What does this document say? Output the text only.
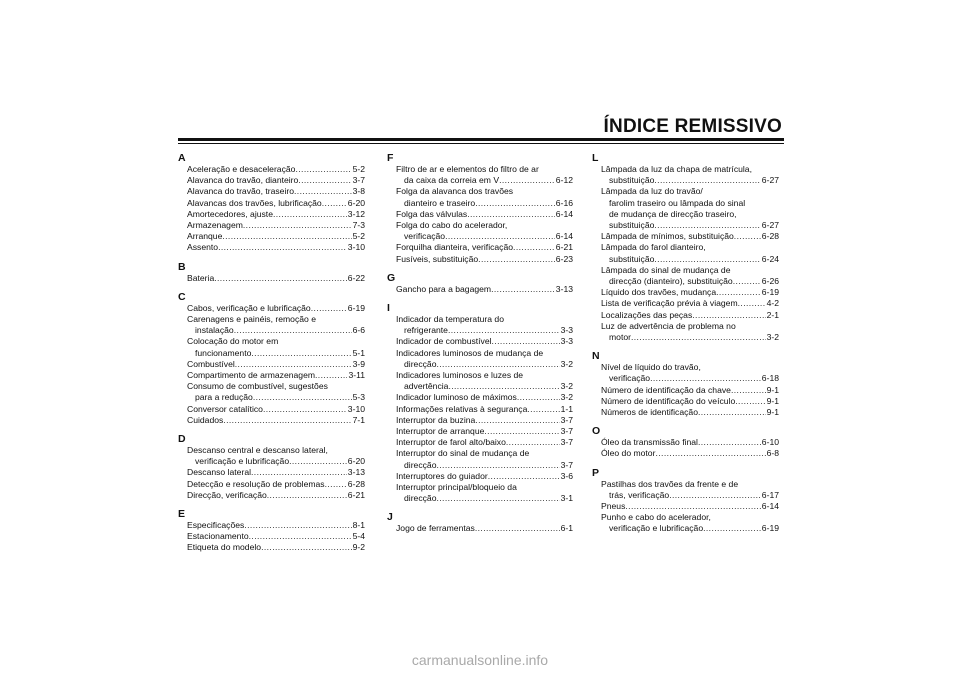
ÍNDICE REMISSIVO
A
Aceleração e desaceleração .....	5-2
Alavanca do travão, dianteiro .....	3-7
Alavanca do travão, traseiro .....	3-8
Alavancas dos travões, lubrificação .....	6-20
Amortecedores, ajuste .....	3-12
Armazenagem .....	7-3
Arranque .....	5-2
Assento .....	3-10
B
Bateria .....	6-22
C
Cabos, verificação e lubrificação .....	6-19
Carenagens e painéis, remoção e
instalação .....	6-6
Colocação do motor em
funcionamento .....	5-1
Combustível .....	3-9
Compartimento de armazenagem .....	3-11
Consumo de combustível, sugestões
para a redução .....	5-3
Conversor catalítico .....	3-10
Cuidados .....	7-1
D
Descanso central e descanso lateral,
verificação e lubrificação .....	6-20
Descanso lateral .....	3-13
Detecção e resolução de problemas .....	6-28
Direcção, verificação .....	6-21
E
Especificações .....	8-1
Estacionamento .....	5-4
Etiqueta do modelo .....	9-2
F
Filtro de ar e elementos do filtro de ar
da caixa da correia em V .....	6-12
Folga da alavanca dos travões
dianteiro e traseiro .....	6-16
Folga das válvulas .....	6-14
Folga do cabo do acelerador,
verificação .....	6-14
Forquilha dianteira, verificação .....	6-21
Fusíveis, substituição .....	6-23
G
Gancho para a bagagem .....	3-13
I
Indicador da temperatura do
refrigerante .....	3-3
Indicador de combustível .....	3-3
Indicadores luminosos de mudança de
direcção .....	3-2
Indicadores luminosos e luzes de
advertência .....	3-2
Indicador luminoso de máximos .....	3-2
Informações relativas à segurança .....	1-1
Interruptor da buzina .....	3-7
Interruptor de arranque .....	3-7
Interruptor de farol alto/baixo .....	3-7
Interruptor do sinal de mudança de
direcção .....	3-7
Interruptores do guiador .....	3-6
Interruptor principal/bloqueio da
direcção .....	3-1
J
Jogo de ferramentas .....	6-1
L
Lâmpada da luz da chapa de matrícula,
substituição .....	6-27
Lâmpada da luz do travão/
farolim traseiro ou lâmpada do sinal
de mudança de direcção traseiro,
substituição .....	6-27
Lâmpada de mínimos, substituição .....	6-28
Lâmpada do farol dianteiro,
substituição .....	6-24
Lâmpada do sinal de mudança de
direcção (dianteiro), substituição .....	6-26
Líquido dos travões, mudança .....	6-19
Lista de verificação prévia à viagem .....	4-2
Localizações das peças .....	2-1
Luz de advertência de problema no
motor .....	3-2
N
Nível de líquido do travão,
verificação .....	6-18
Número de identificação da chave .....	9-1
Número de identificação do veículo .....	9-1
Números de identificação .....	9-1
O
Óleo da transmissão final .....	6-10
Óleo do motor .....	6-8
P
Pastilhas dos travões da frente e de
trás, verificação .....	6-17
Pneus .....	6-14
Punho e cabo do acelerador,
verificação e lubrificação .....	6-19
carmanualsonline.info
